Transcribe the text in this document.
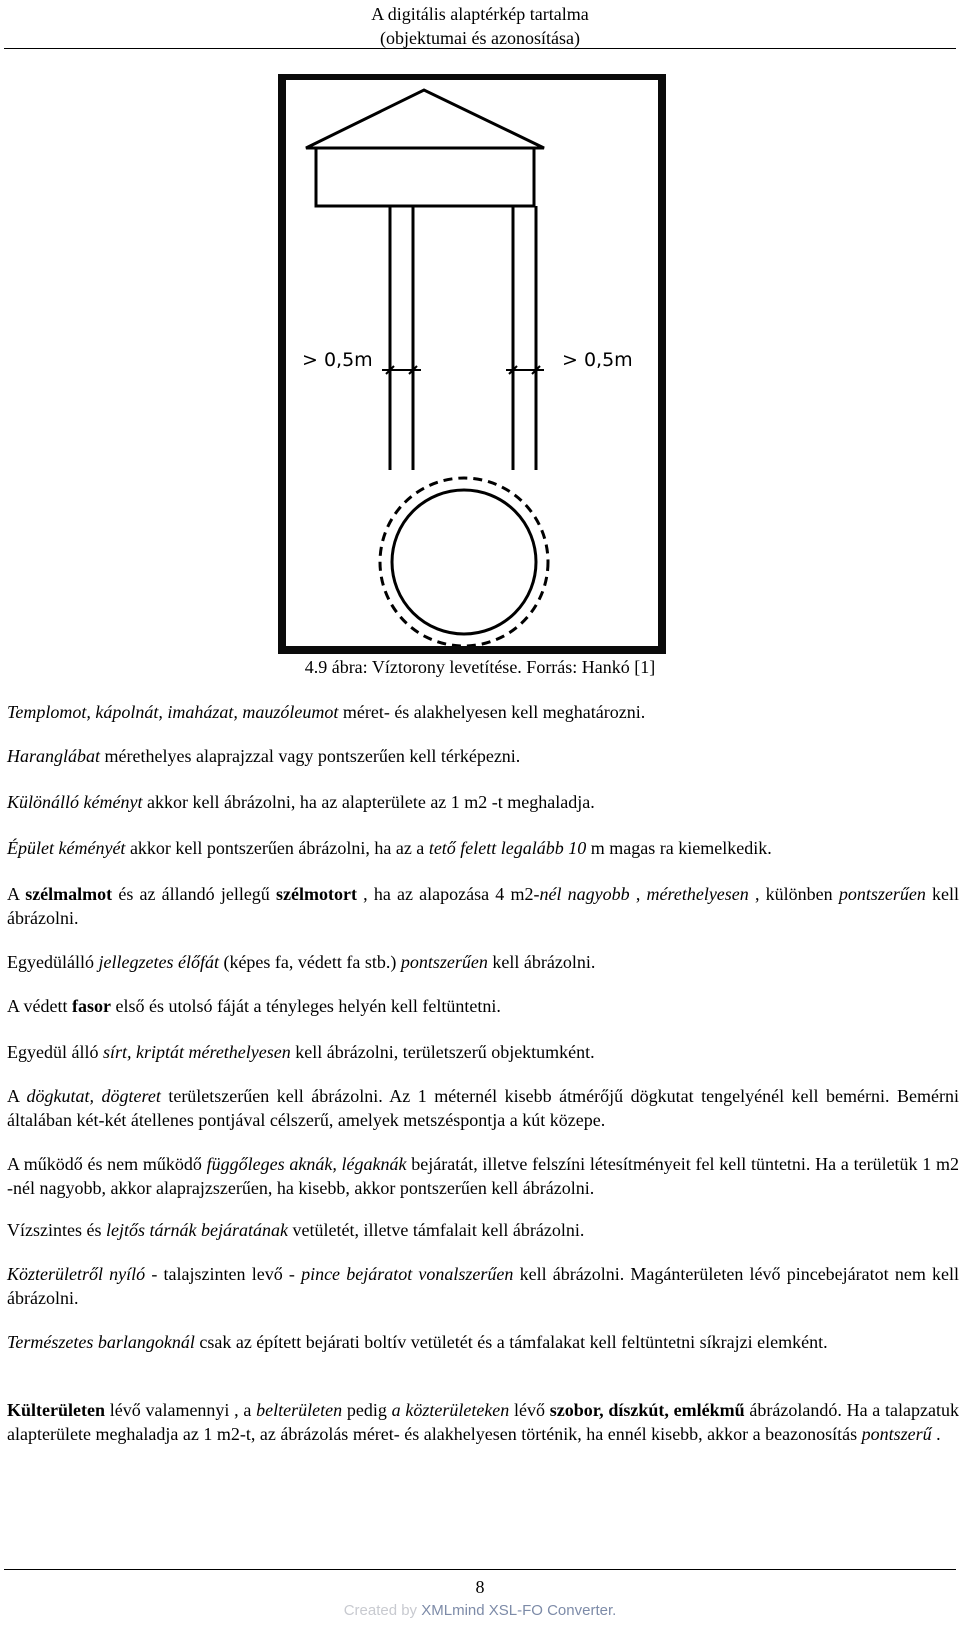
A digitális alaptérkép tartalma
(objektumai és azonosítása)
> 0,5m	> 0,5m
4.9 ábra: Víztorony levetítése. Forrás: Hankó [1]

Templomot, kápolnát, imaházat, mauzóleumot méret- és alakhelyesen kell meghatározni.

Haranglábat mérethelyes alaprajzzal vagy pontszerűen kell térképezni.

Különálló kéményt akkor kell ábrázolni, ha az alapterülete az 1 m2 -t meghaladja.

Épület kéményét akkor kell pontszerűen ábrázolni, ha az a tető felett legalább 10 m magas ra kiemelkedik.

A szélmalmot és az állandó jellegű szélmotort , ha az alapozása 4 m2-nél nagyobb , mérethelyesen , különben pontszerűen kell ábrázolni.

Egyedülálló jellegzetes élőfát (képes fa, védett fa stb.) pontszerűen kell ábrázolni.

A védett fasor első és utolsó fáját a tényleges helyén kell feltüntetni.

Egyedül álló sírt, kriptát mérethelyesen kell ábrázolni, területszerű objektumként.

A dögkutat, dögteret területszerűen kell ábrázolni. Az 1 méternél kisebb átmérőjű dögkutat tengelyénél kell bemérni. Bemérni általában két-két átellenes pontjával célszerű, amelyek metszéspontja a kút közepe.

A működő és nem működő függőleges aknák, légaknák bejáratát, illetve felszíni létesítményeit fel kell tüntetni. Ha a területük 1 m2 -nél nagyobb, akkor alaprajzszerűen, ha kisebb, akkor pontszerűen kell ábrázolni.

Vízszintes és lejtős tárnák bejáratának vetületét, illetve támfalait kell ábrázolni.

Közterületről nyíló - talajszinten levő - pince bejáratot vonalszerűen kell ábrázolni. Magánterületen lévő pincebejáratot nem kell ábrázolni.

Természetes barlangoknál csak az épített bejárati boltív vetületét és a támfalakat kell feltüntetni síkrajzi elemként.

Külterületen lévő valamennyi , a belterületen pedig a közterületeken lévő szobor, díszkút, emlékmű ábrázolandó. Ha a talapzatuk alapterülete meghaladja az 1 m2-t, az ábrázolás méret- és alakhelyesen történik, ha ennél kisebb, akkor a beazonosítás pontszerű .

8
Created by XMLmind XSL-FO Converter.
